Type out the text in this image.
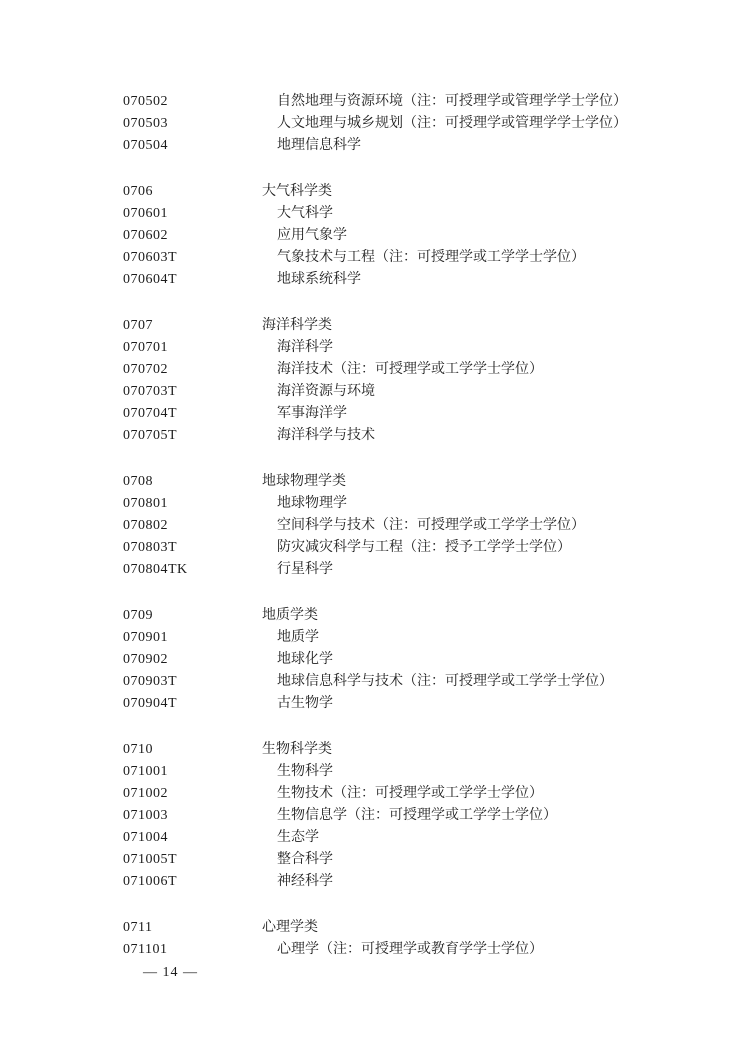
070502	自然地理与资源环境（注：可授理学或管理学学士学位）
070503	人文地理与城乡规划（注：可授理学或管理学学士学位）
070504	地理信息科学
0706	大气科学类
070601	大气科学
070602	应用气象学
070603T	气象技术与工程（注：可授理学或工学学士学位）
070604T	地球系统科学
0707	海洋科学类
070701	海洋科学
070702	海洋技术（注：可授理学或工学学士学位）
070703T	海洋资源与环境
070704T	军事海洋学
070705T	海洋科学与技术
0708	地球物理学类
070801	地球物理学
070802	空间科学与技术（注：可授理学或工学学士学位）
070803T	防灾减灾科学与工程（注：授予工学学士学位）
070804TK	行星科学
0709	地质学类
070901	地质学
070902	地球化学
070903T	地球信息科学与技术（注：可授理学或工学学士学位）
070904T	古生物学
0710	生物科学类
071001	生物科学
071002	生物技术（注：可授理学或工学学士学位）
071003	生物信息学（注：可授理学或工学学士学位）
071004	生态学
071005T	整合科学
071006T	神经科学
0711	心理学类
071101	心理学（注：可授理学或教育学学士学位）
— 14 —
